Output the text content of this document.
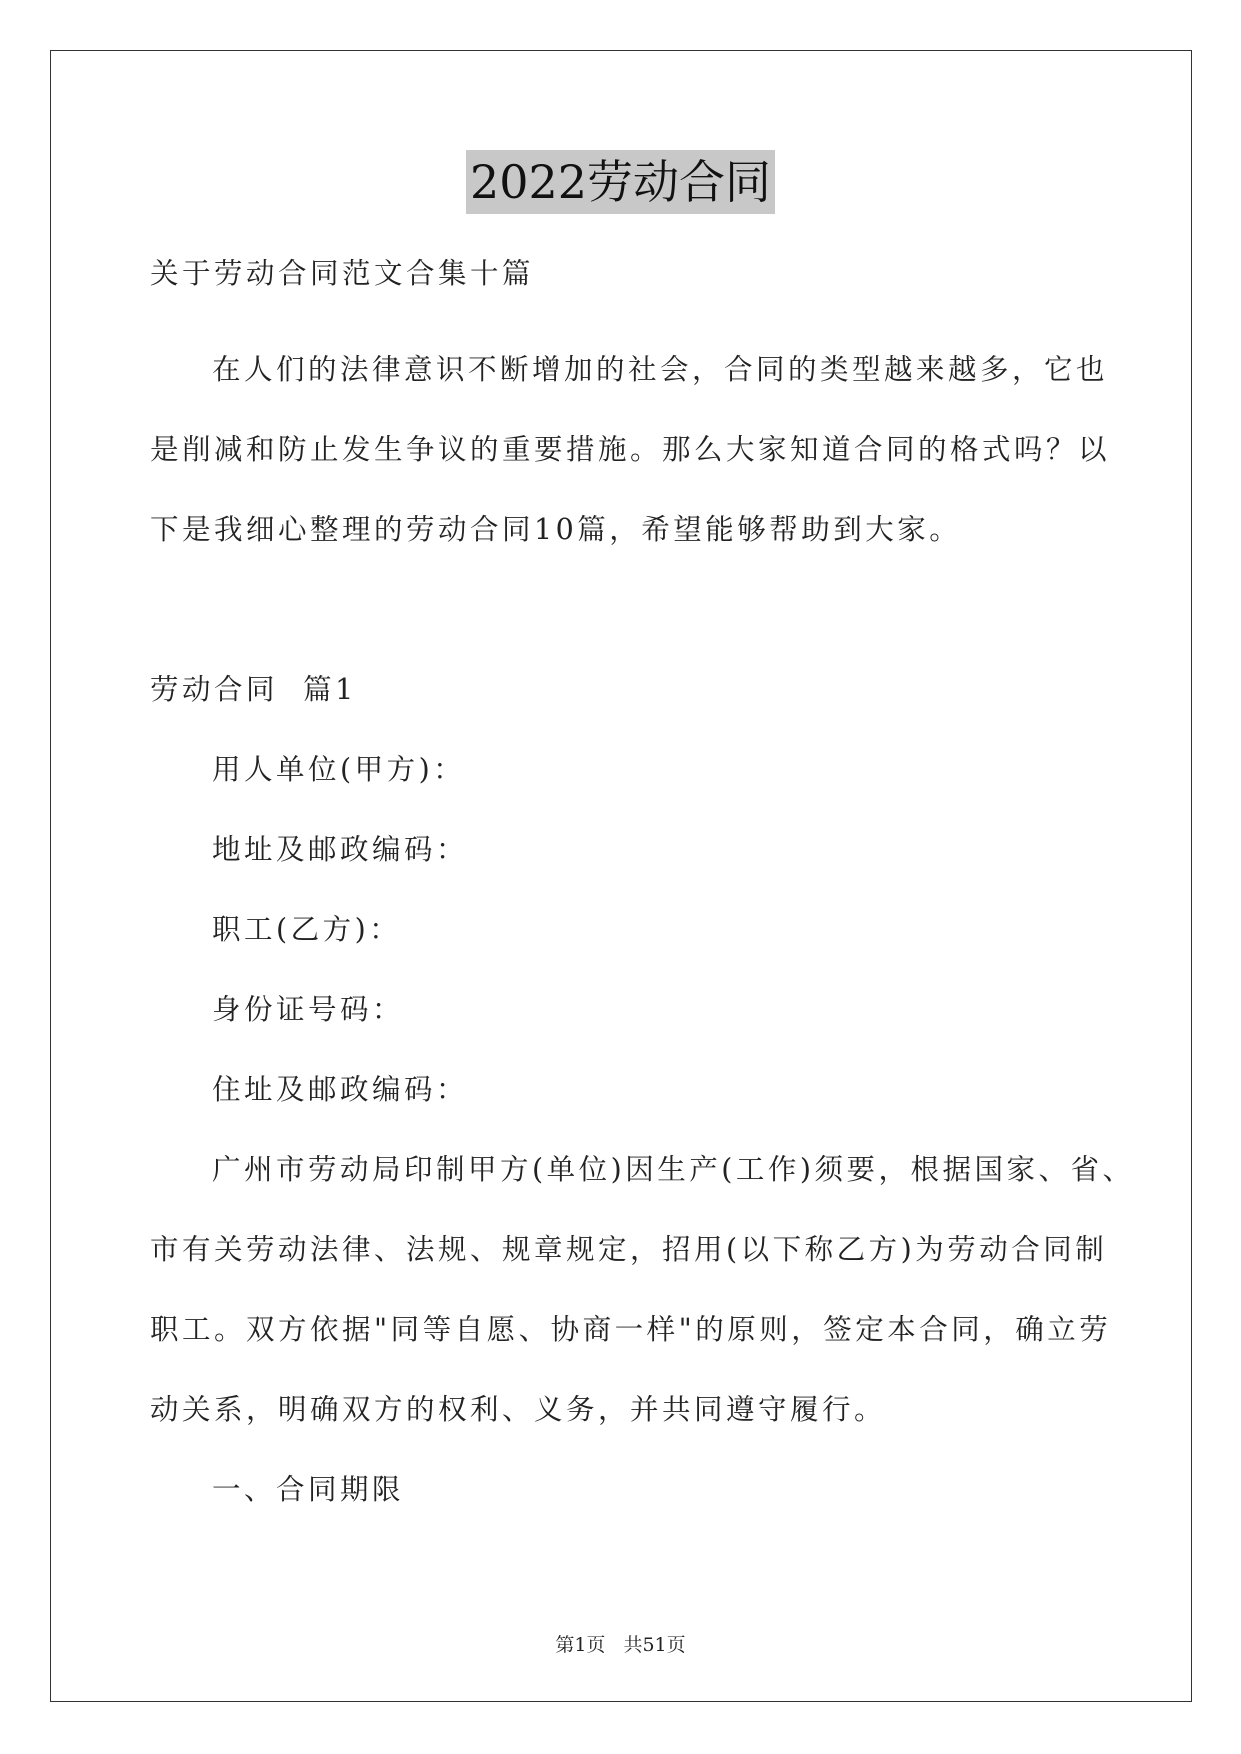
2022劳动合同
关于劳动合同范文合集十篇
在人们的法律意识不断增加的社会，合同的类型越来越多，它也
是削减和防止发生争议的重要措施。那么大家知道合同的格式吗？以
下是我细心整理的劳动合同10篇，希望能够帮助到大家。
劳动合同  篇1
用人单位(甲方)：
地址及邮政编码：
职工(乙方)：
身份证号码：
住址及邮政编码：
广州市劳动局印制甲方(单位)因生产(工作)须要，根据国家、省、
市有关劳动法律、法规、规章规定，招用(以下称乙方)为劳动合同制
职工。双方依据"同等自愿、协商一样"的原则，签定本合同，确立劳
动关系，明确双方的权利、义务，并共同遵守履行。
一、合同期限
第1页 共51页
